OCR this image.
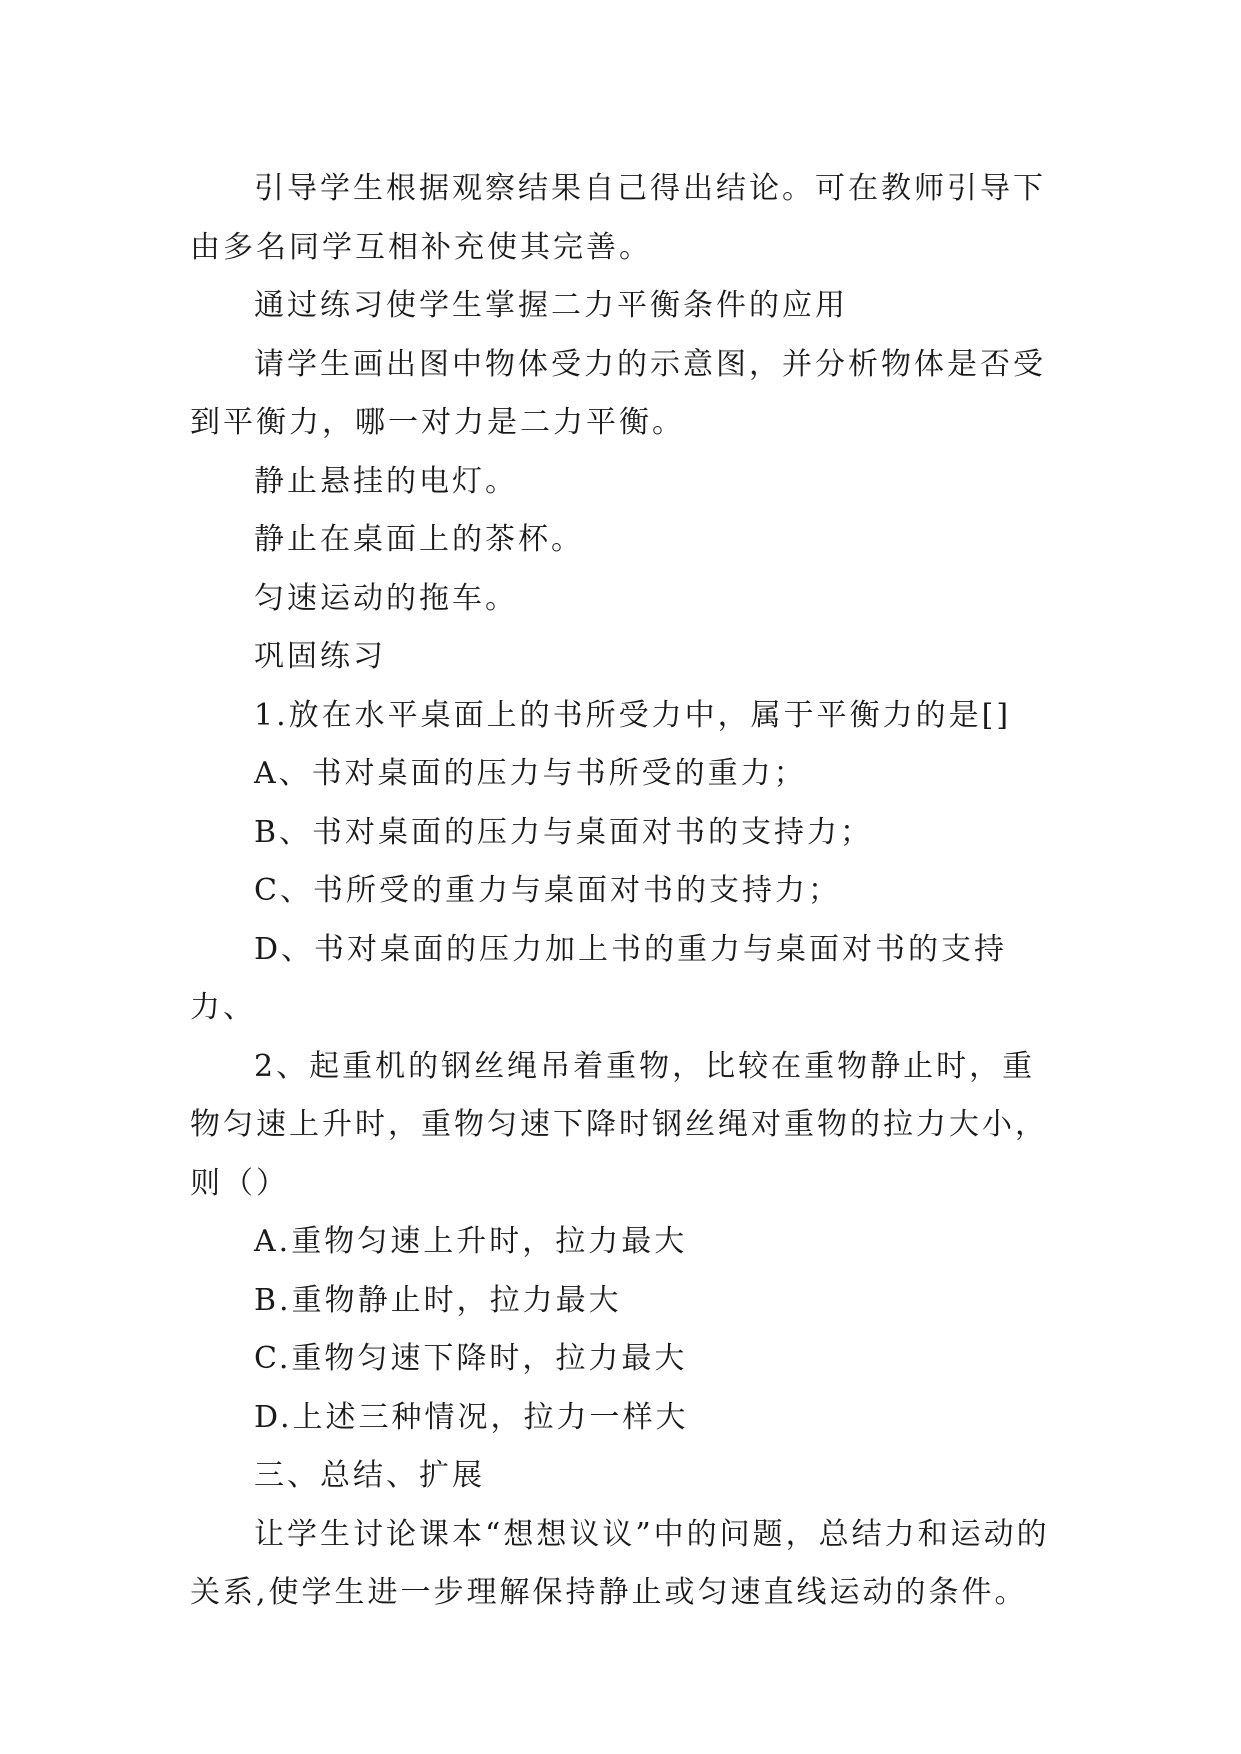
引导学生根据观察结果自己得出结论。可在教师引导下由多名同学互相补充使其完善。

通过练习使学生掌握二力平衡条件的应用

请学生画出图中物体受力的示意图，并分析物体是否受到平衡力，哪一对力是二力平衡。

静止悬挂的电灯。

静止在桌面上的茶杯。

匀速运动的拖车。

巩固练习

1.放在水平桌面上的书所受力中，属于平衡力的是[]

A、书对桌面的压力与书所受的重力；

B、书对桌面的压力与桌面对书的支持力；

C、书所受的重力与桌面对书的支持力；

D、书对桌面的压力加上书的重力与桌面对书的支持力、

2、起重机的钢丝绳吊着重物，比较在重物静止时，重物匀速上升时，重物匀速下降时钢丝绳对重物的拉力大小，则（）

A.重物匀速上升时，拉力最大

B.重物静止时，拉力最大

C.重物匀速下降时，拉力最大

D.上述三种情况，拉力一样大

三、总结、扩展

让学生讨论课本“想想议议”中的问题，总结力和运动的关系,使学生进一步理解保持静止或匀速直线运动的条件。
